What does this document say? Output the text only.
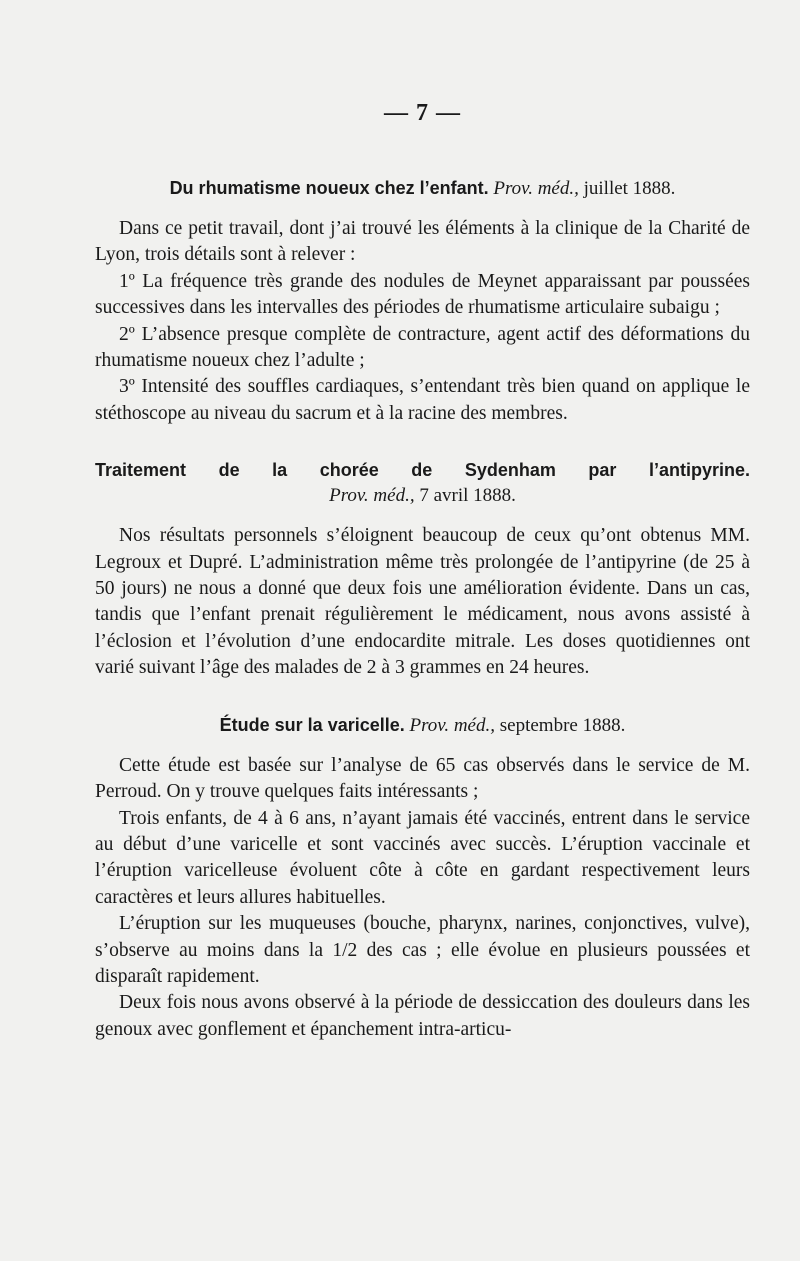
— 7 —
Du rhumatisme noueux chez l’enfant. Prov. méd., juillet 1888.

Dans ce petit travail, dont j’ai trouvé les éléments à la clinique de la Charité de Lyon, trois détails sont à relever :

1º La fréquence très grande des nodules de Meynet apparaissant par poussées successives dans les intervalles des périodes de rhumatisme articulaire subaigu ;

2º L’absence presque complète de contracture, agent actif des déformations du rhumatisme noueux chez l’adulte ;

3º Intensité des souffles cardiaques, s’entendant très bien quand on applique le stéthoscope au niveau du sacrum et à la racine des membres.

Traitement de la chorée de Sydenham par l’antipyrine.
Prov. méd., 7 avril 1888.

Nos résultats personnels s’éloignent beaucoup de ceux qu’ont obtenus MM. Legroux et Dupré. L’administration même très prolongée de l’antipyrine (de 25 à 50 jours) ne nous a donné que deux fois une amélioration évidente. Dans un cas, tandis que l’enfant prenait régulièrement le médicament, nous avons assisté à l’éclosion et l’évolution d’une endocardite mitrale. Les doses quotidiennes ont varié suivant l’âge des malades de 2 à 3 grammes en 24 heures.

Étude sur la varicelle. Prov. méd., septembre 1888.

Cette étude est basée sur l’analyse de 65 cas observés dans le service de M. Perroud. On y trouve quelques faits intéressants ;

Trois enfants, de 4 à 6 ans, n’ayant jamais été vaccinés, entrent dans le service au début d’une varicelle et sont vaccinés avec succès. L’éruption vaccinale et l’éruption varicelleuse évoluent côte à côte en gardant respectivement leurs caractères et leurs allures habituelles.

L’éruption sur les muqueuses (bouche, pharynx, narines, conjonctives, vulve), s’observe au moins dans la 1/2 des cas ; elle évolue en plusieurs poussées et disparaît rapidement.

Deux fois nous avons observé à la période de dessiccation des douleurs dans les genoux avec gonflement et épanchement intra-articu-
